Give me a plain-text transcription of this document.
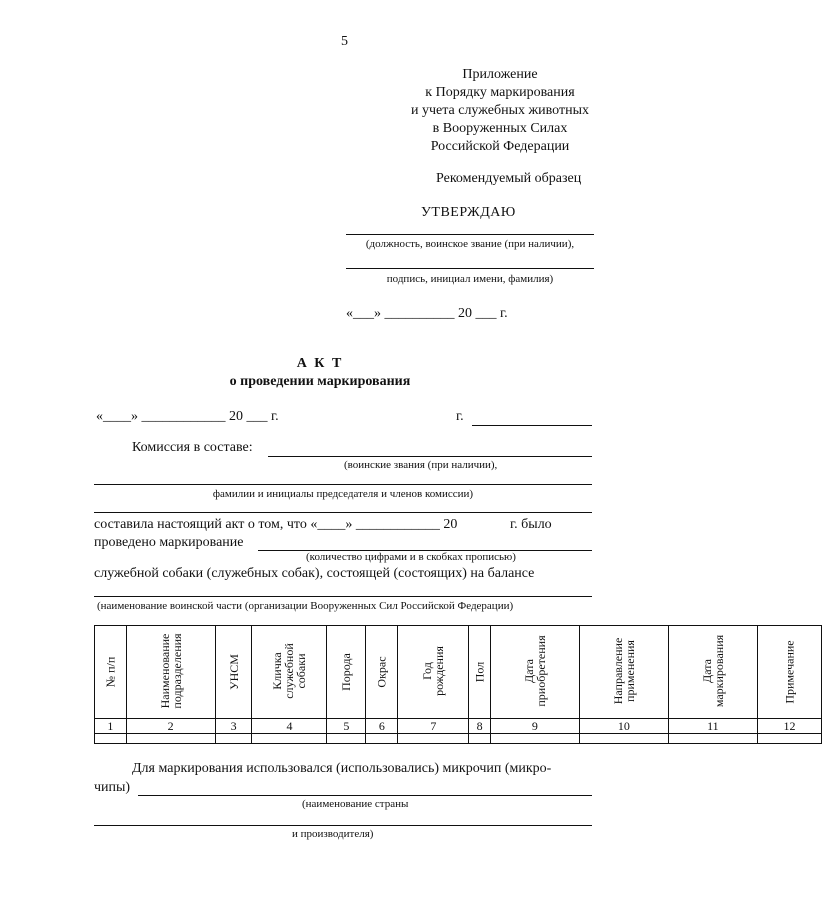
5
Приложение
к Порядку маркирования
и учета служебных животных
в Вооруженных Силах
Российской Федерации
Рекомендуемый образец
УТВЕРЖДАЮ
(должность, воинское звание (при наличии),
подпись, инициал имени, фамилия)
«___» __________ 20 ___ г.
А К Т
о проведении маркирования
«____» ____________ 20 ___ г.	г.
Комиссия в составе:
(воинские звания (при наличии),
фамилии и инициалы председателя и членов комиссии)
составила настоящий акт о том, что «____» ____________ 20	г. было
проведено маркирование
(количество цифрами и в скобках прописью)
служебной собаки (служебных собак), состоящей (состоящих) на балансе
(наименование воинской части (организации Вооруженных Сил Российской Федерации)
№ п/п	Наименование подразделения	УНСМ	Кличка служебной собаки	Порода	Окрас	Год рождения	Пол	Дата приобретения	Направление применения	Дата маркирования	Примечание
1	2	3	4	5	6	7	8	9	10	11	12

Для маркирования использовался (использовались) микрочип (микро-
чипы)
(наименование страны
и производителя)
